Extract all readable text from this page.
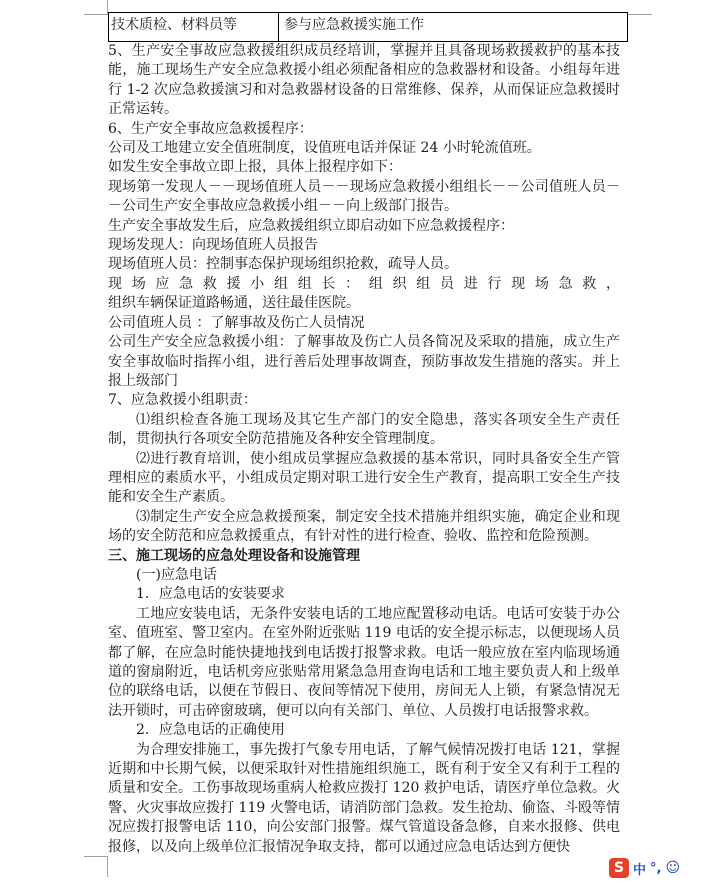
技术质检、材料员等	参与应急救援实施工作

5、生产安全事故应急救援组织成员经培训，掌握并且具备现场救援救护的基本技能，施工现场生产安全应急救援小组必须配备相应的急救器材和设备。小组每年进行 1-2 次应急救援演习和对急救器材设备的日常维修、保养，从而保证应急救援时正常运转。

6、生产安全事故应急救援程序：

公司及工地建立安全值班制度，设值班电话并保证 24 小时轮流值班。

如发生安全事故立即上报，具体上报程序如下：

现场第一发现人－－现场值班人员－－现场应急救援小组组长－－公司值班人员－－公司生产安全事故应急救援小组－－向上级部门报告。

生产安全事故发生后，应急救援组织立即启动如下应急救援程序：

现场发现人：向现场值班人员报告

现场值班人员：控制事态保护现场组织抢救，疏导人员。

现场应急救援小组组长：组织组员进行现场急救，

组织车辆保证道路畅通，送往最佳医院。

公司值班人员 ：了解事故及伤亡人员情况

公司生产安全应急救援小组：了解事故及伤亡人员各简况及采取的措施，成立生产安全事故临时指挥小组，进行善后处理事故调查，预防事故发生措施的落实。并上报上级部门

7、应急救援小组职责：

⑴组织检查各施工现场及其它生产部门的安全隐患，落实各项安全生产责任制，贯彻执行各项安全防范措施及各种安全管理制度。

⑵进行教育培训，使小组成员掌握应急救援的基本常识，同时具备安全生产管理相应的素质水平，小组成员定期对职工进行安全生产教育，提高职工安全生产技能和安全生产素质。

⑶制定生产安全应急救援预案，制定安全技术措施并组织实施，确定企业和现场的安全防范和应急救援重点，有针对性的进行检查、验收、监控和危险预测。

三、施工现场的应急处理设备和设施管理

(一)应急电话

1．应急电话的安装要求

工地应安装电话，无条件安装电话的工地应配置移动电话。电话可安装于办公室、值班室、警卫室内。在室外附近张贴 119 电话的安全提示标志，以便现场人员都了解，在应急时能快捷地找到电话拨打报警求救。电话一般应放在室内临现场通道的窗扇附近，电话机旁应张贴常用紧急急用查询电话和工地主要负责人和上级单位的联络电话，以便在节假日、夜间等情况下使用，房间无人上锁，有紧急情况无法开锁时，可击碎窗玻璃，便可以向有关部门、单位、人员拨打电话报警求救。

2．应急电话的正确使用

为合理安排施工，事先拨打气象专用电话，了解气候情况拨打电话 121，掌握近期和中长期气候，以便采取针对性措施组织施工，既有利于安全又有利于工程的质量和安全。工伤事故现场重病人枪救应拨打 120 救护电话，请医疗单位急救。火警、火灾事故应拨打 119 火警电话，请消防部门急救。发生抢劫、偷盗、斗殴等情况应拨打报警电话 110，向公安部门报警。煤气管道设备急修，自来水报修、供电报修，以及向上级单位汇报情况争取支持，都可以通过应急电话达到方便快

S 中 °, ☺
